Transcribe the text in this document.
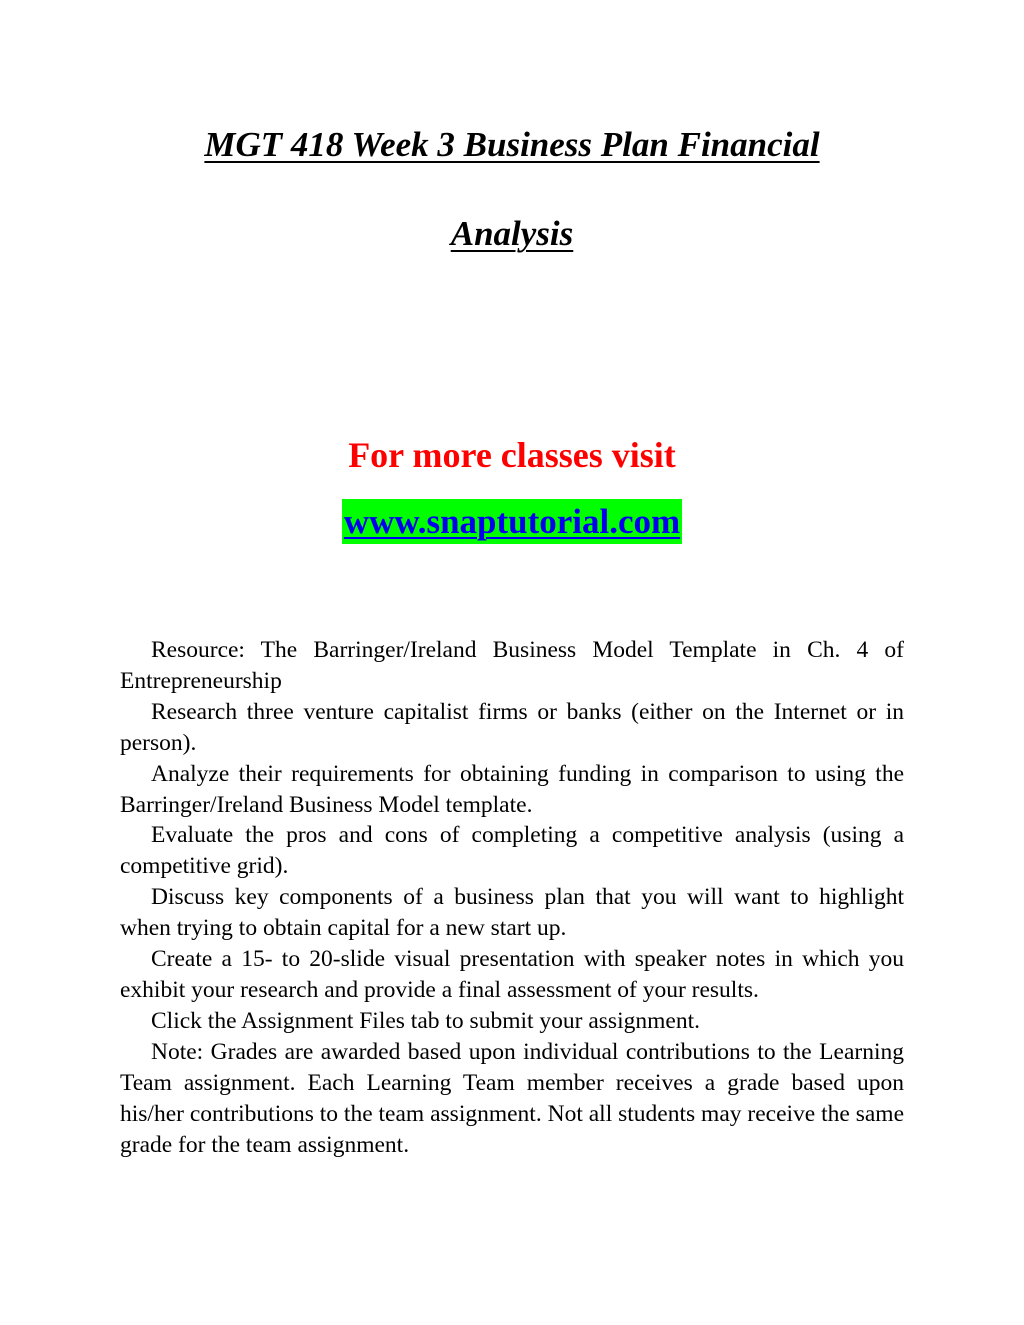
MGT 418 Week 3 Business Plan Financial
Analysis
For more classes visit
www.snaptutorial.com

Resource: The Barringer/Ireland Business Model Template in Ch. 4 of Entrepreneurship

Research three venture capitalist firms or banks (either on the Internet or in person).

Analyze their requirements for obtaining funding in comparison to using the Barringer/Ireland Business Model template.

Evaluate the pros and cons of completing a competitive analysis (using a competitive grid).

Discuss key components of a business plan that you will want to highlight when trying to obtain capital for a new start up.

Create a 15- to 20-slide visual presentation with speaker notes in which you exhibit your research and provide a final assessment of your results.

Click the Assignment Files tab to submit your assignment.

Note: Grades are awarded based upon individual contributions to the Learning Team assignment. Each Learning Team member receives a grade based upon his/her contributions to the team assignment. Not all students may receive the same grade for the team assignment.
